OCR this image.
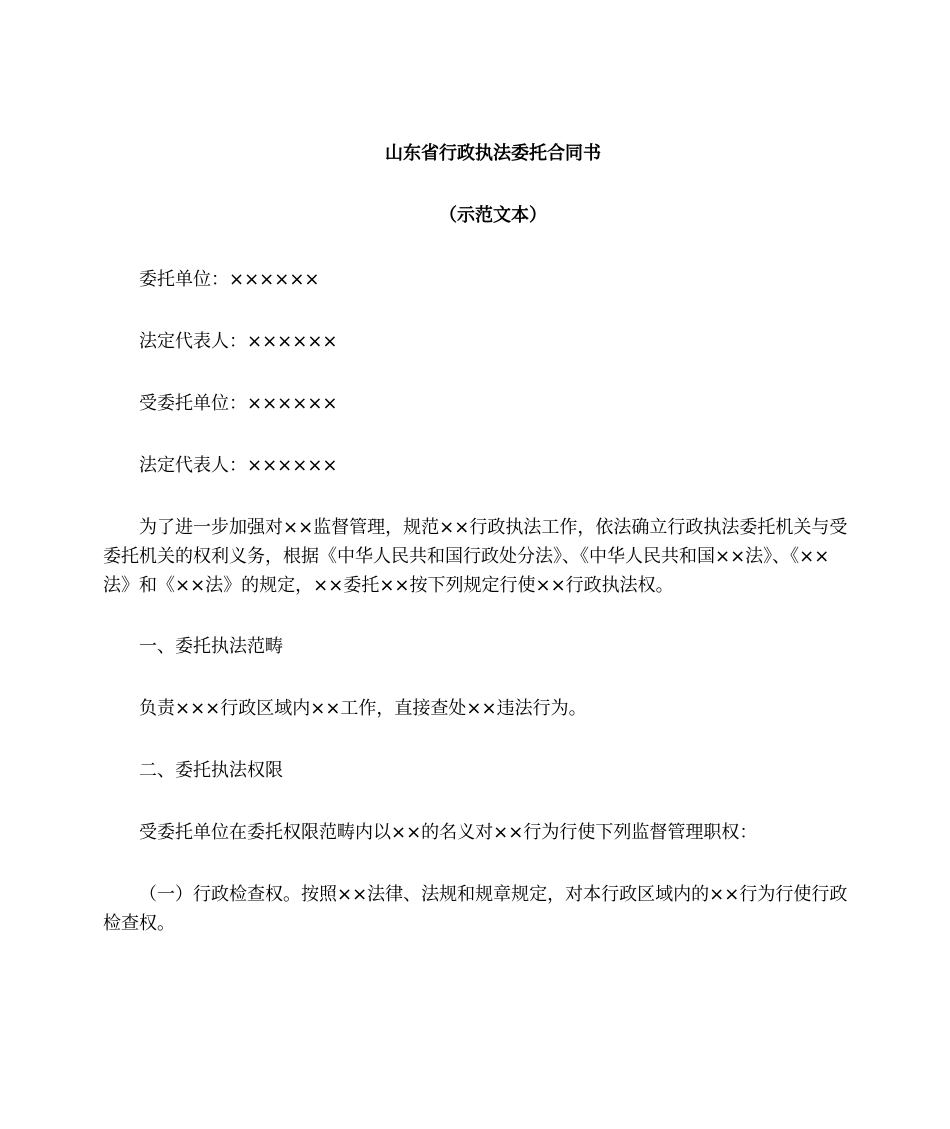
山东省行政执法委托合同书
（示范文本）
委托单位：××××××
法定代表人：××××××
受委托单位：××××××
法定代表人：××××××
为了进一步加强对××监督管理，规范××行政执法工作，依法确立行政执法委托机关与受委托机关的权利义务，根据《中华人民共和国行政处分法》、《中华人民共和国××法》、《××法》和《××法》的规定，××委托××按下列规定行使××行政执法权。
一、委托执法范畴
负责×××行政区域内××工作，直接查处××违法行为。
二、委托执法权限
受委托单位在委托权限范畴内以××的名义对××行为行使下列监督管理职权：
（一）行政检查权。按照××法律、法规和规章规定，对本行政区域内的××行为行使行政检查权。
